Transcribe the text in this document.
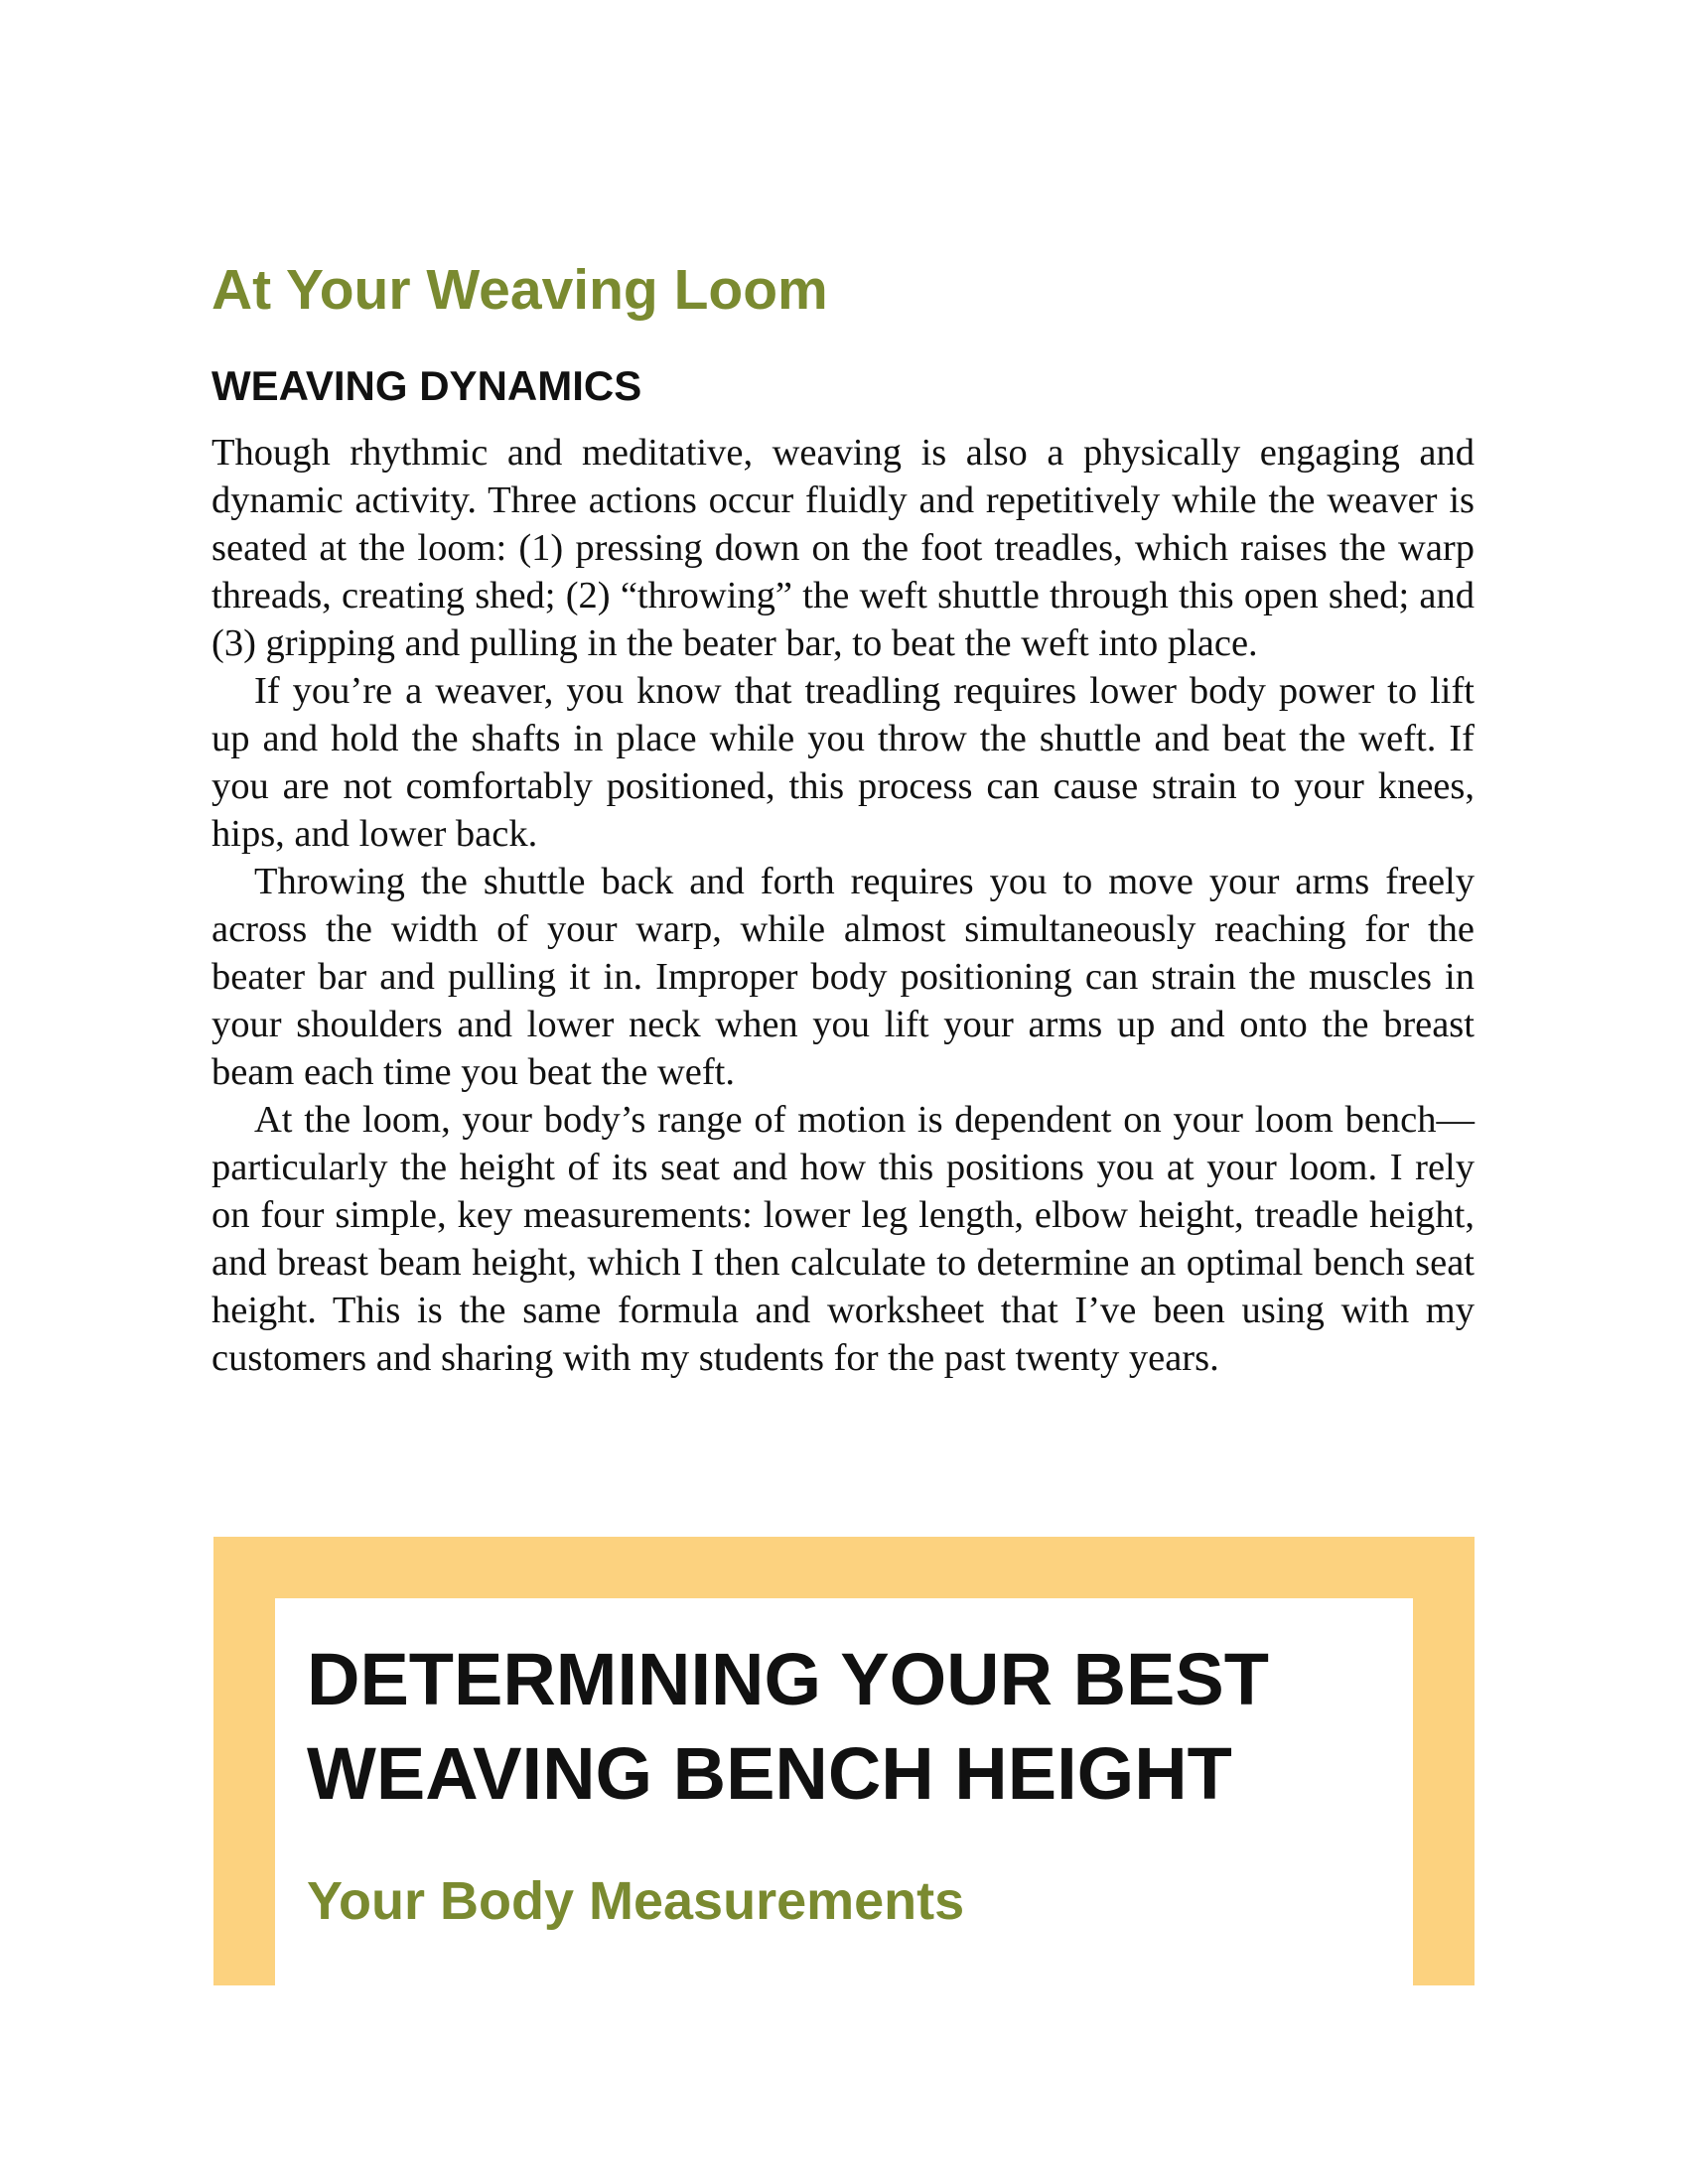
At Your Weaving Loom
WEAVING DYNAMICS

Though rhythmic and meditative, weaving is also a physically engaging and dynamic activity. Three actions occur fluidly and repetitively while the weaver is seated at the loom: (1) pressing down on the foot treadles, which raises the warp threads, creating shed; (2) “throwing” the weft shuttle through this open shed; and (3) gripping and pulling in the beater bar, to beat the weft into place.

If you’re a weaver, you know that treadling requires lower body power to lift up and hold the shafts in place while you throw the shuttle and beat the weft. If you are not comfortably positioned, this process can cause strain to your knees, hips, and lower back.

Throwing the shuttle back and forth requires you to move your arms freely across the width of your warp, while almost simultaneously reaching for the beater bar and pulling it in. Improper body positioning can strain the muscles in your shoulders and lower neck when you lift your arms up and onto the breast beam each time you beat the weft.

At the loom, your body’s range of motion is dependent on your loom bench—particularly the height of its seat and how this positions you at your loom. I rely on four simple, key measurements: lower leg length, elbow height, treadle height, and breast beam height, which I then calculate to determine an optimal bench seat height. This is the same formula and worksheet that I’ve been using with my customers and sharing with my students for the past twenty years.

DETERMINING YOUR BEST
WEAVING BENCH HEIGHT
Your Body Measurements
